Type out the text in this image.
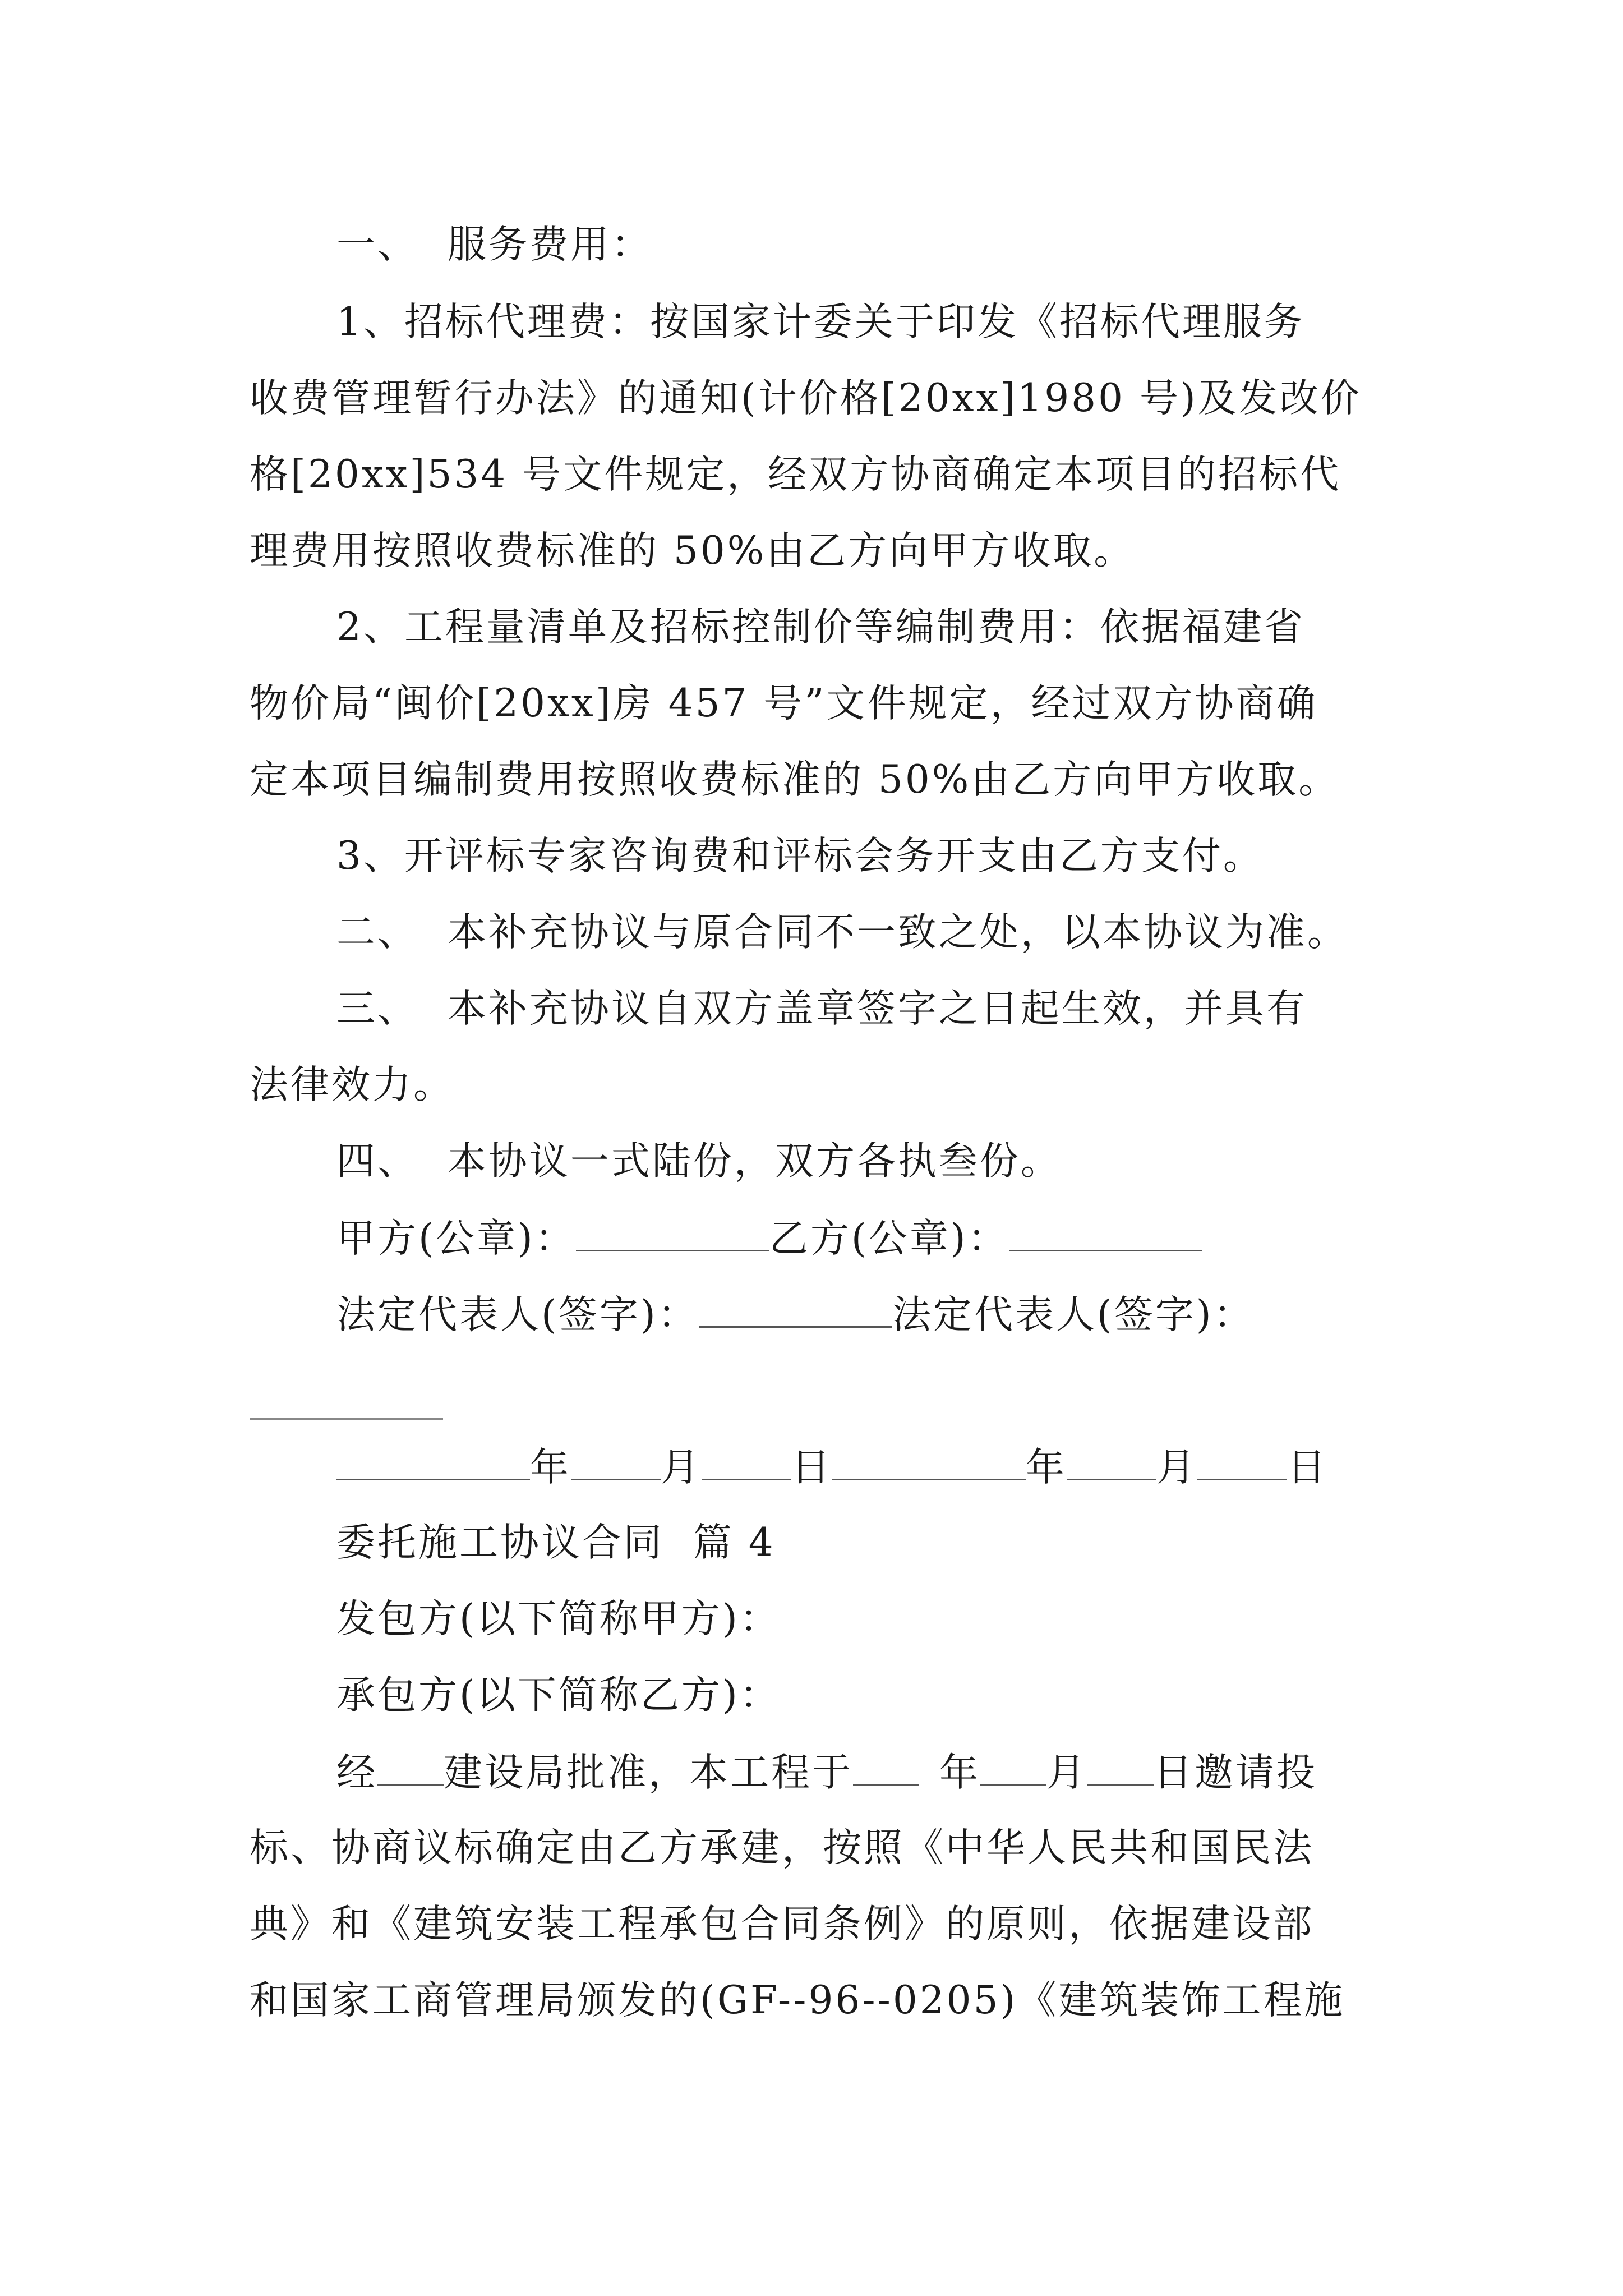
一、  服务费用：
1、招标代理费：按国家计委关于印发《招标代理服务
收费管理暂行办法》的通知(计价格[20xx]1980 号)及发改价
格[20xx]534 号文件规定，经双方协商确定本项目的招标代
理费用按照收费标准的 50%由乙方向甲方收取。
2、工程量清单及招标控制价等编制费用：依据福建省
物价局“闽价[20xx]房 457 号”文件规定，经过双方协商确
定本项目编制费用按照收费标准的 50%由乙方向甲方收取。
3、开评标专家咨询费和评标会务开支由乙方支付。
二、  本补充协议与原合同不一致之处，以本协议为准。
三、  本补充协议自双方盖章签字之日起生效，并具有
法律效力。
四、  本协议一式陆份，双方各执叁份。
甲方(公章)：	乙方(公章)：
法定代表人(签字)：	法定代表人(签字)：
年 月 日	年 月 日
委托施工协议合同  篇 4
发包方(以下简称甲方)：
承包方(以下简称乙方)：
经 建设局批准，本工程于 年 月 日邀请投
标、协商议标确定由乙方承建，按照《中华人民共和国民法
典》和《建筑安装工程承包合同条例》的原则，依据建设部
和国家工商管理局颁发的(GF--96--0205)《建筑装饰工程施
